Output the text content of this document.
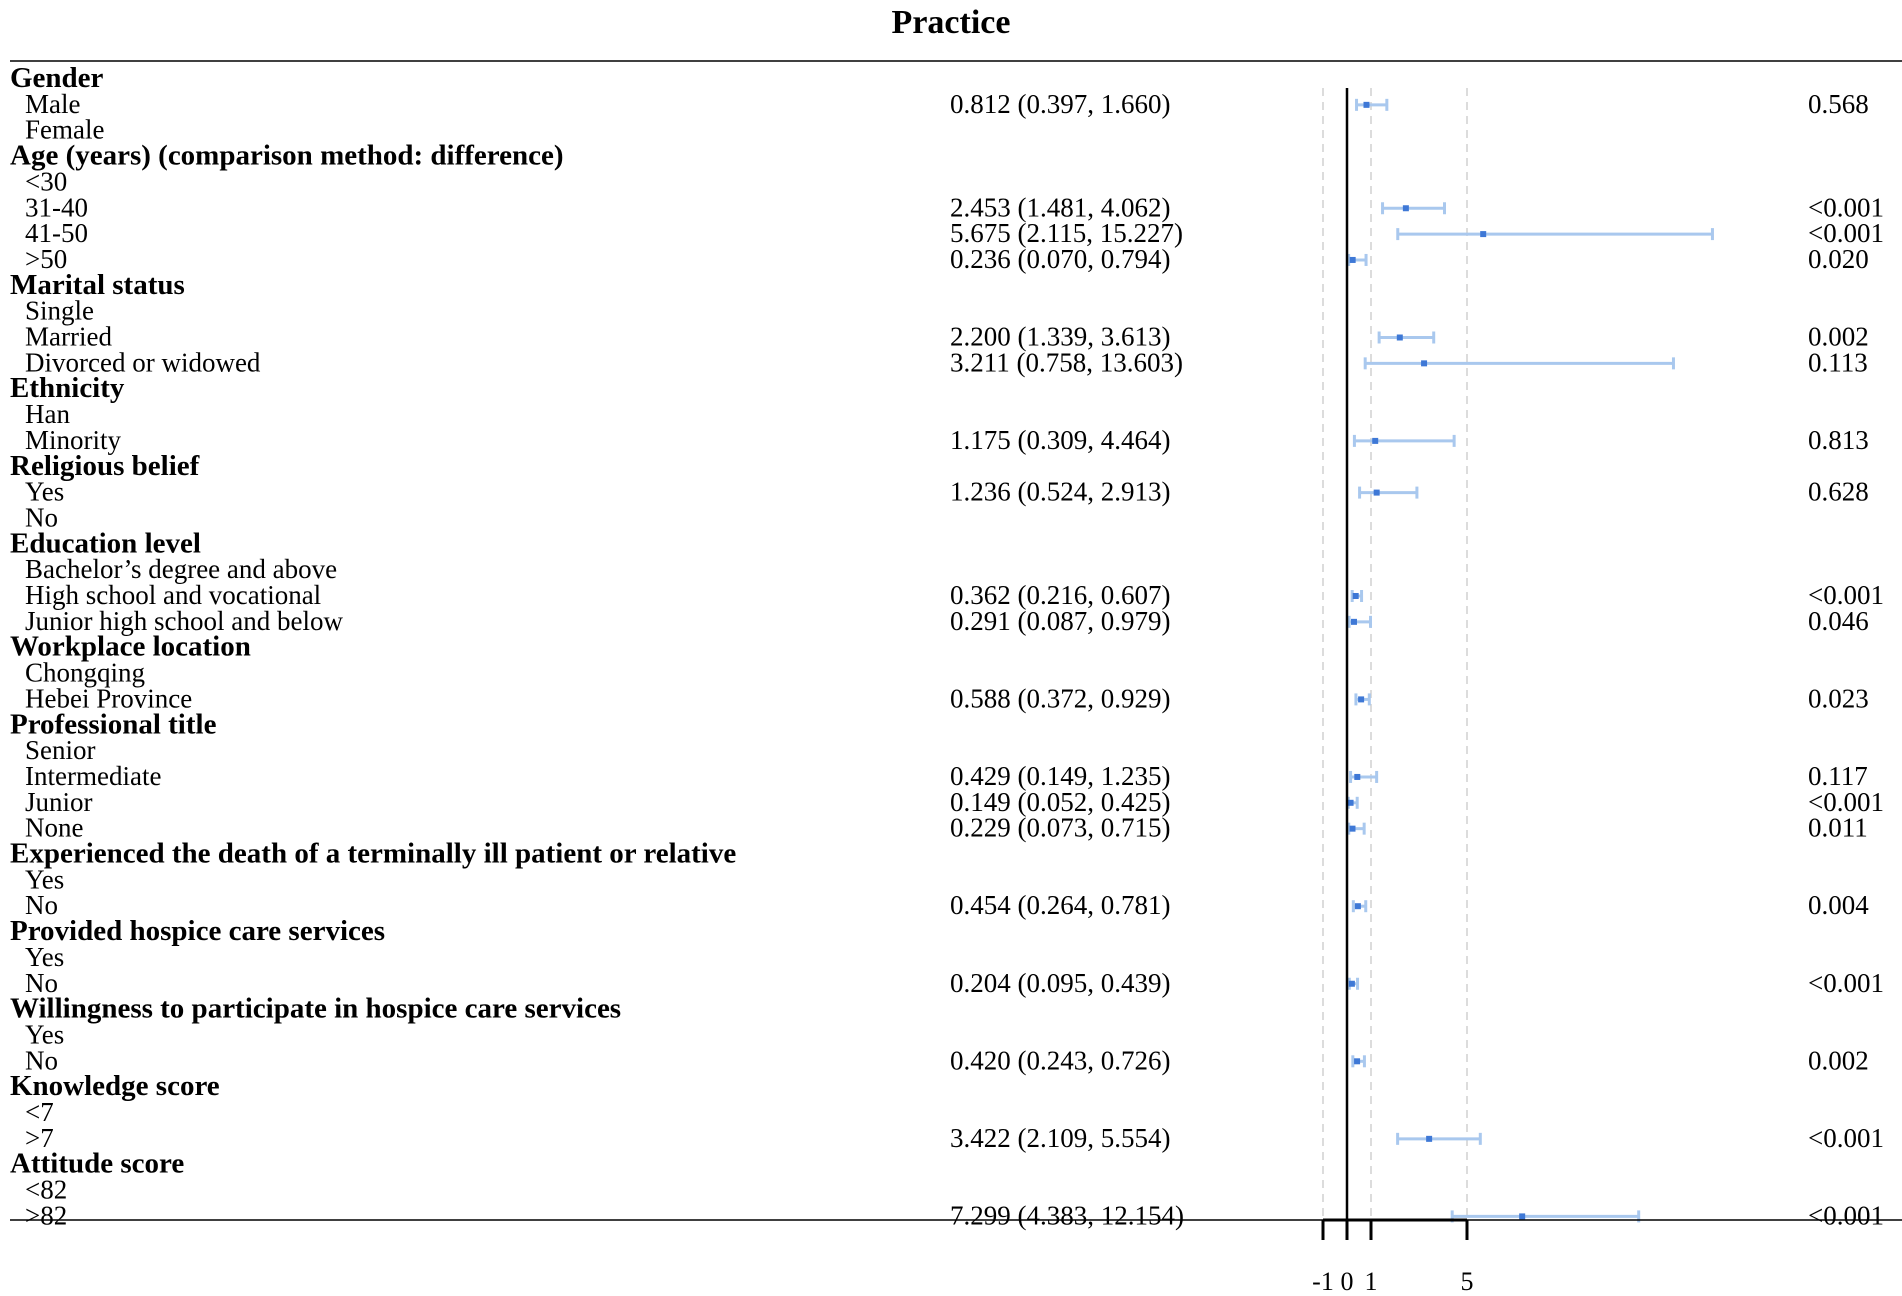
Practice
Gender
Male	0.812 (0.397, 1.660)	0.568
Female
Age (years) (comparison method: difference)
<30
31-40	2.453 (1.481, 4.062)	<0.001
41-50	5.675 (2.115, 15.227)	<0.001
>50	0.236 (0.070, 0.794)	0.020
Marital status
Single
Married	2.200 (1.339, 3.613)	0.002
Divorced or widowed	3.211 (0.758, 13.603)	0.113
Ethnicity
Han
Minority	1.175 (0.309, 4.464)	0.813
Religious belief
Yes	1.236 (0.524, 2.913)	0.628
No
Education level
Bachelor’s degree and above
High school and vocational	0.362 (0.216, 0.607)	<0.001
Junior high school and below	0.291 (0.087, 0.979)	0.046
Workplace location
Chongqing
Hebei Province	0.588 (0.372, 0.929)	0.023
Professional title
Senior
Intermediate	0.429 (0.149, 1.235)	0.117
Junior	0.149 (0.052, 0.425)	<0.001
None	0.229 (0.073, 0.715)	0.011
Experienced the death of a terminally ill patient or relative
Yes
No	0.454 (0.264, 0.781)	0.004
Provided hospice care services
Yes
No	0.204 (0.095, 0.439)	<0.001
Willingness to participate in hospice care services
Yes
No	0.420 (0.243, 0.726)	0.002
Knowledge score
<7
>7	3.422 (2.109, 5.554)	<0.001
Attitude score
<82
>82	7.299 (4.383, 12.154)	<0.001
-1 0 1	5
